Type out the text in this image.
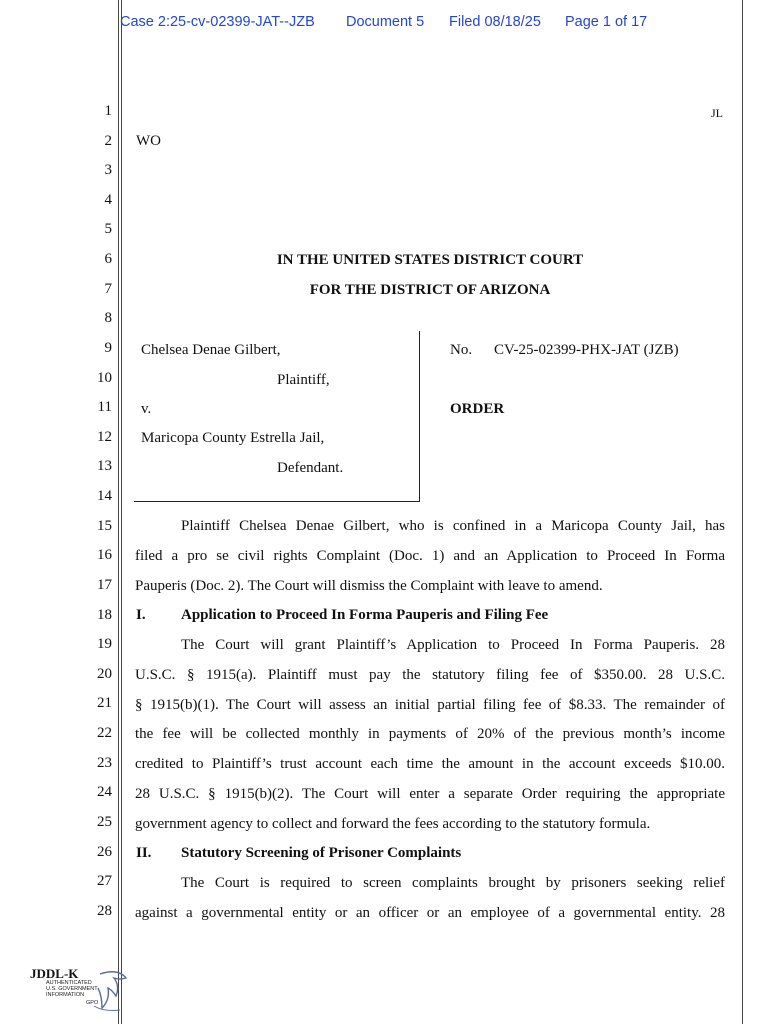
Case 2:25-cv-02399-JAT--JZB Document 5 Filed 08/18/25 Page 1 of 17
1
2
3
4
5
6
7
8
9
10
11
12
13
14
15
16
17
18
19
20
21
22
23
24
25
26
27
28
JL
WO
IN THE UNITED STATES DISTRICT COURT
FOR THE DISTRICT OF ARIZONA
Chelsea Denae Gilbert,
Plaintiff,
v.
Maricopa County Estrella Jail,
Defendant.
No. CV-25-02399-PHX-JAT (JZB)
ORDER
Plaintiff Chelsea Denae Gilbert, who is confined in a Maricopa County Jail, has
filed a pro se civil rights Complaint (Doc. 1) and an Application to Proceed In Forma
Pauperis (Doc. 2). The Court will dismiss the Complaint with leave to amend.
I. Application to Proceed In Forma Pauperis and Filing Fee
The Court will grant Plaintiff’s Application to Proceed In Forma Pauperis. 28
U.S.C. § 1915(a). Plaintiff must pay the statutory filing fee of $350.00. 28 U.S.C.
§ 1915(b)(1). The Court will assess an initial partial filing fee of $8.33. The remainder of
the fee will be collected monthly in payments of 20% of the previous month’s income
credited to Plaintiff’s trust account each time the amount in the account exceeds $10.00.
28 U.S.C. § 1915(b)(2). The Court will enter a separate Order requiring the appropriate
government agency to collect and forward the fees according to the statutory formula.
II. Statutory Screening of Prisoner Complaints
The Court is required to screen complaints brought by prisoners seeking relief
against a governmental entity or an officer or an employee of a governmental entity. 28
JDDL-K
AUTHENTICATED
U.S. GOVERNMENT
INFORMATION
GPO
